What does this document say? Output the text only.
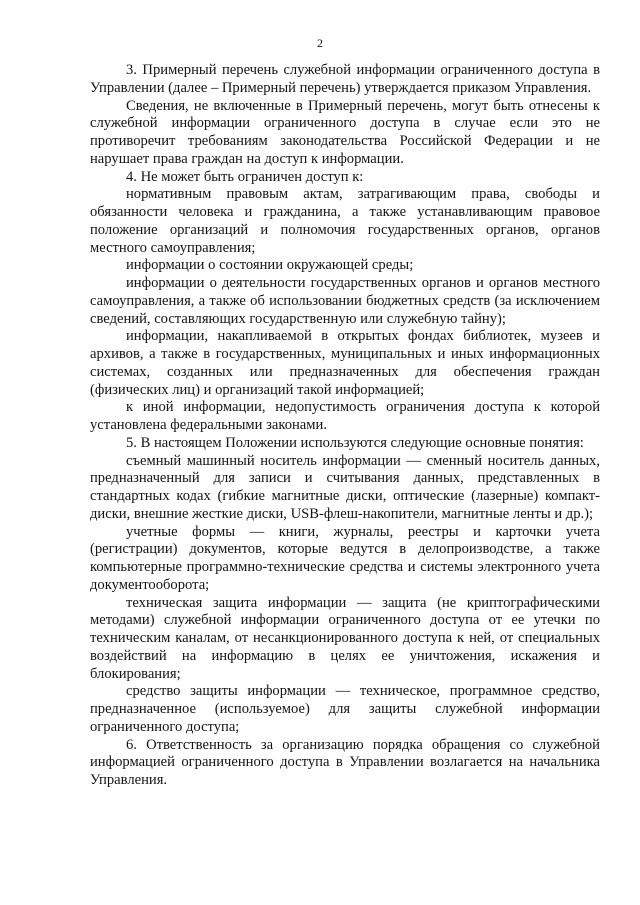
2

3. Примерный перечень служебной информации ограниченного доступа в Управлении (далее – Примерный перечень) утверждается приказом Управления.

Сведения, не включенные в Примерный перечень, могут быть отнесены к служебной информации ограниченного доступа в случае если это не противоречит требованиям законодательства Российской Федерации и не нарушает права граждан на доступ к информации.

4. Не может быть ограничен доступ к:

нормативным правовым актам, затрагивающим права, свободы и обязанности человека и гражданина, а также устанавливающим правовое положение организаций и полномочия государственных органов, органов местного самоуправления;

информации о состоянии окружающей среды;

информации о деятельности государственных органов и органов местного самоуправления, а также об использовании бюджетных средств (за исключением сведений, составляющих государственную или служебную тайну);

информации, накапливаемой в открытых фондах библиотек, музеев и архивов, а также в государственных, муниципальных и иных информационных системах, созданных или предназначенных для обеспечения граждан (физических лиц) и организаций такой информацией;

к иной информации, недопустимость ограничения доступа к которой установлена федеральными законами.

5. В настоящем Положении используются следующие основные понятия:

съемный машинный носитель информации — сменный носитель данных, предназначенный для записи и считывания данных, представленных в стандартных кодах (гибкие магнитные диски, оптические (лазерные) компакт-диски, внешние жесткие диски, USB-флеш-накопители, магнитные ленты и др.);

учетные формы — книги, журналы, реестры и карточки учета (регистрации) документов, которые ведутся в делопроизводстве, а также компьютерные программно-технические средства и системы электронного учета документооборота;

техническая защита информации — защита (не криптографическими методами) служебной информации ограниченного доступа от ее утечки по техническим каналам, от несанкционированного доступа к ней, от специальных воздействий на информацию в целях ее уничтожения, искажения и блокирования;

средство защиты информации — техническое, программное средство, предназначенное (используемое) для защиты служебной информации ограниченного доступа;

6. Ответственность за организацию порядка обращения со служебной информацией ограниченного доступа в Управлении возлагается на начальника Управления.
